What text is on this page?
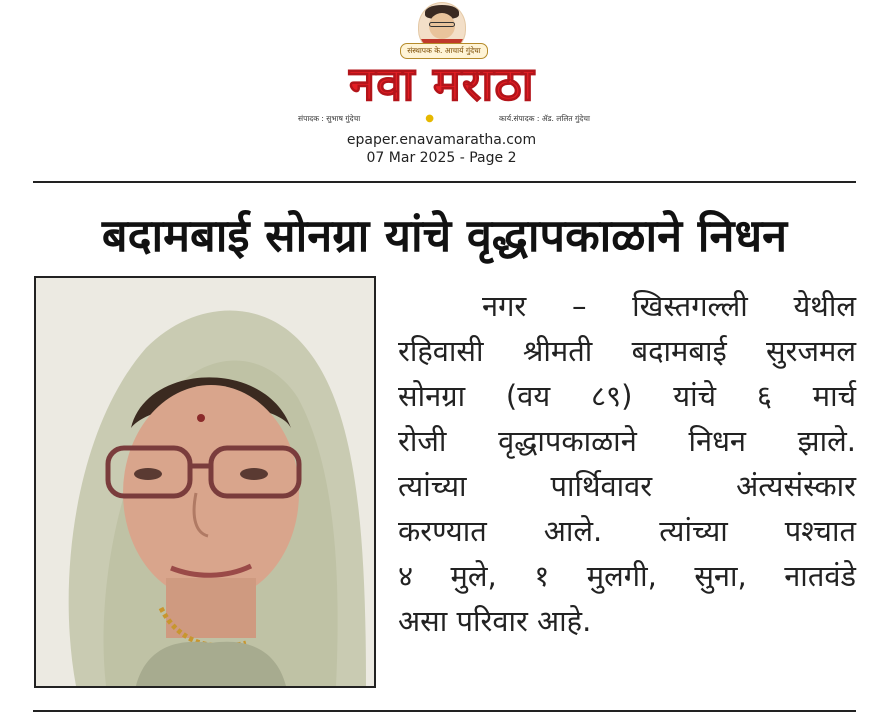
संस्थापक के. आचार्य गुंदेचा
नवा मराठा
संपादक : सुभाष गुंदेचा	●	कार्य.संपादक : ॲड. ललित गुंदेचा
epaper.enavamaratha.com
07 Mar 2025 - Page 2
बदामबाई सोनग्रा यांचे वृद्धापकाळाने निधन
नगर – खिस्तगल्ली येथील
रहिवासी श्रीमती बदामबाई सुरजमल
सोनग्रा (वय ८९) यांचे ६ मार्च
रोजी वृद्धापकाळाने निधन झाले.
त्यांच्या पार्थिवावर अंत्यसंस्कार
करण्यात आले. त्यांच्या पश्चात
४ मुले, १ मुलगी, सुना, नातवंडे
असा परिवार आहे.
